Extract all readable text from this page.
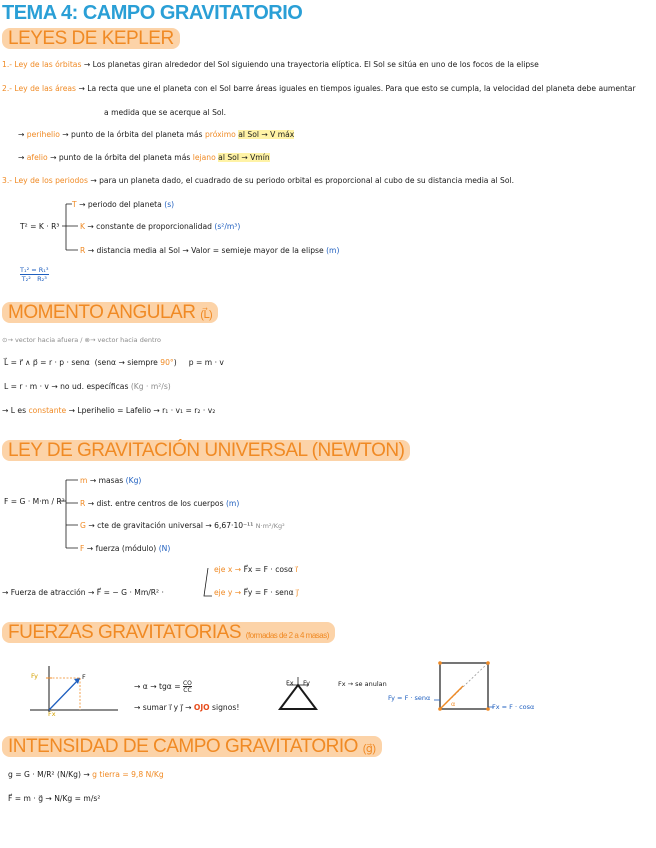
TEMA 4: CAMPO GRAVITATORIO
LEYES DE KEPLER
1.- Ley de las órbitas → Los planetas giran alrededor del Sol siguiendo una trayectoria elíptica. El Sol se sitúa en uno de los focos de la elipse
2.- Ley de las áreas → La recta que une el planeta con el Sol barre áreas iguales en tiempos iguales. Para que esto se cumpla, la velocidad del planeta debe aumentar
a medida que se acerque al Sol.
→ perihelio → punto de la órbita del planeta más próximo al Sol → V máx
→ afelio → punto de la órbita del planeta más lejano al Sol → Vmín
3.- Ley de los periodos → para un planeta dado, el cuadrado de su periodo orbital es proporcional al cubo de su distancia media al Sol.
T² = K · R³
T → periodo del planeta (s)
K → constante de proporcionalidad (s²/m³)
R → distancia media al Sol → Valor = semieje mayor de la elipse (m)
T₁² = R₁³
T₂² R₂³
MOMENTO ANGULAR (L⃗)
⊙→ vector hacia afuera / ⊗→ vector hacia dentro
L⃗ = r⃗ ∧ p⃗ = r · p · senα (senα → siempre 90°) p = m · v
L = r · m · v → no ud. específicas (Kg · m²/s)
→ L es constante → Lperihelio = Lafelio → r₁ · v₁ = r₂ · v₂
LEY DE GRAVITACIÓN UNIVERSAL (NEWTON)
F = G · M·m / R²
m → masas (Kg)
R → dist. entre centros de los cuerpos (m)
G → cte de gravitación universal → 6,67·10⁻¹¹ N·m²/Kg²
F → fuerza (módulo) (N)
→ Fuerza de atracción → F⃗ = − G · Mm/R² ·
eje x → F⃗x = F · cosα i⃗
eje y → F⃗y = F · senα j⃗
FUERZAS GRAVITATORIAS (formadas de 2 a 4 masas)
→ $\alpha \to tg\alpha = \frac{CO}{CC}$
→ sumar i⃗ y j⃗ → OJO signos!
Fx → se anulan
Fy = F · senα
Fx = F · cosα
Fy	F
Fx
Fx Fy
α
INTENSIDAD DE CAMPO GRAVITATORIO (g⃗)
g = G · M/R² (N/Kg) → g tierra = 9,8 N/Kg
F⃗ = m · g⃗ → N/Kg = m/s²
